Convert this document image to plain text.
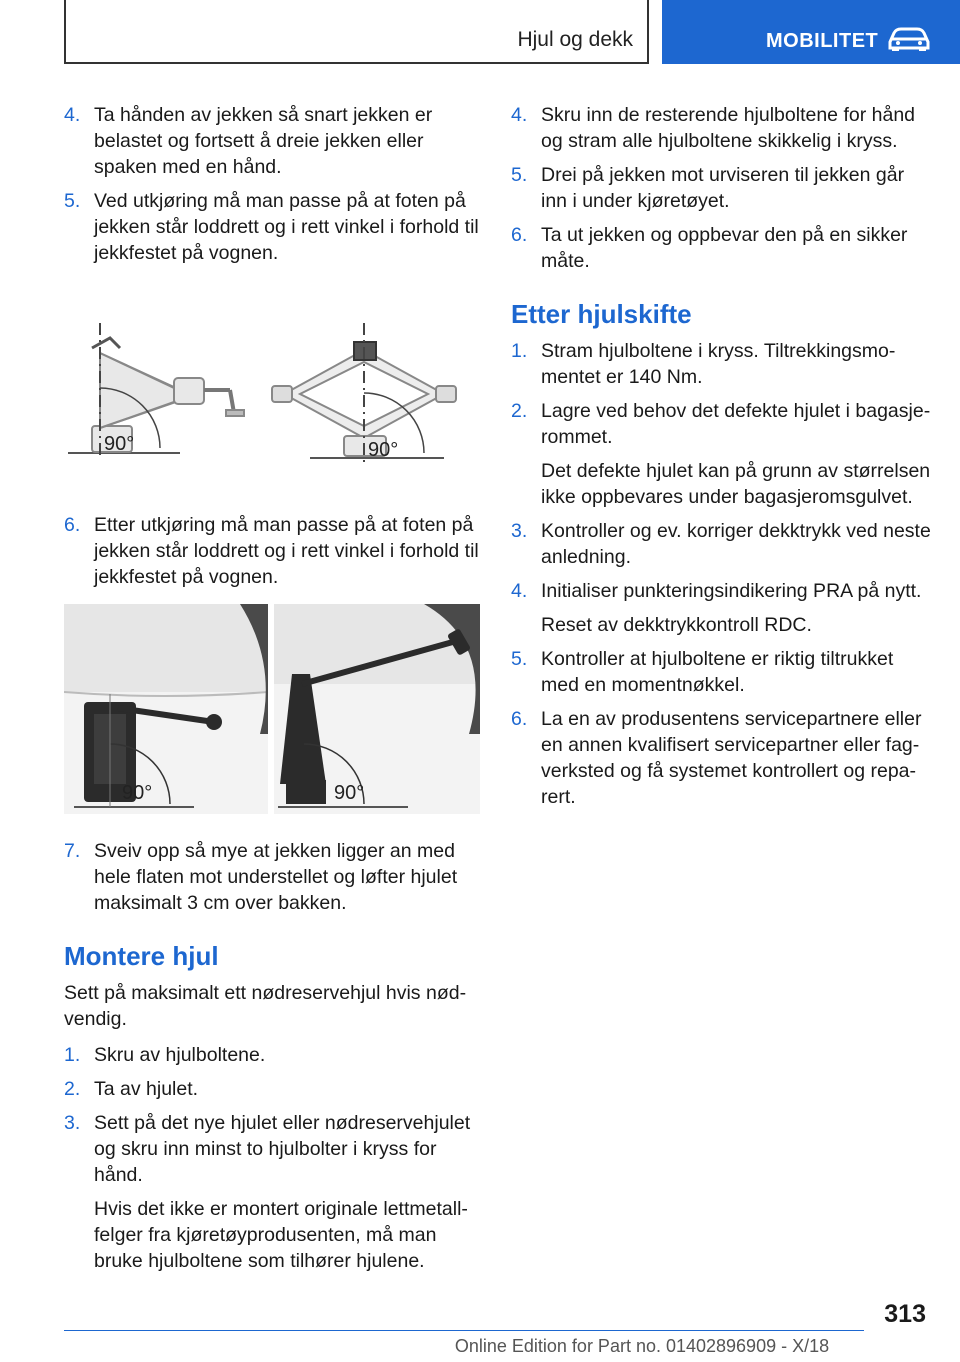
Hjul og dekk	MOBILITET
4. Ta hånden av jekken så snart jekken er belastet og fortsett å dreie jekken eller spaken med en hånd.
5. Ved utkjøring må man passe på at foten på jekken står loddrett og i rett vinkel i forhold til jekkfestet på vognen.
90°	90°
6. Etter utkjøring må man passe på at foten på jekken står loddrett og i rett vinkel i forhold til jekkfestet på vognen.
90°	90°
7. Sveiv opp så mye at jekken ligger an med hele flaten mot understellet og løfter hjulet maksimalt 3 cm over bakken.
Montere hjul
Sett på maksimalt ett nødreservehjul hvis nødvendig.
1. Skru av hjulboltene.
2. Ta av hjulet.
3. Sett på det nye hjulet eller nødreservehjulet og skru inn minst to hjulbolter i kryss for hånd.
Hvis det ikke er montert originale lettmetallfelger fra kjøretøyprodusenten, må man bruke hjulboltene som tilhører hjulene.
4. Skru inn de resterende hjulboltene for hånd og stram alle hjulboltene skikkelig i kryss.
5. Drei på jekken mot urviseren til jekken går inn i under kjøretøyet.
6. Ta ut jekken og oppbevar den på en sikker måte.
Etter hjulskifte
1. Stram hjulboltene i kryss. Tiltrekkingsmomentet er 140 Nm.
2. Lagre ved behov det defekte hjulet i bagasjerommet.
Det defekte hjulet kan på grunn av størrelsen ikke oppbevares under bagasjeromsgulvet.
3. Kontroller og ev. korriger dekktrykk ved neste anledning.
4. Initialiser punkteringsindikering PRA på nytt.
Reset av dekktrykkontroll RDC.
5. Kontroller at hjulboltene er riktig tiltrukket med en momentnøkkel.
6. La en av produsentens servicepartnere eller en annen kvalifisert servicepartner eller fagverksted og få systemet kontrollert og reparert.
313
Online Edition for Part no. 01402896909 - X/18
